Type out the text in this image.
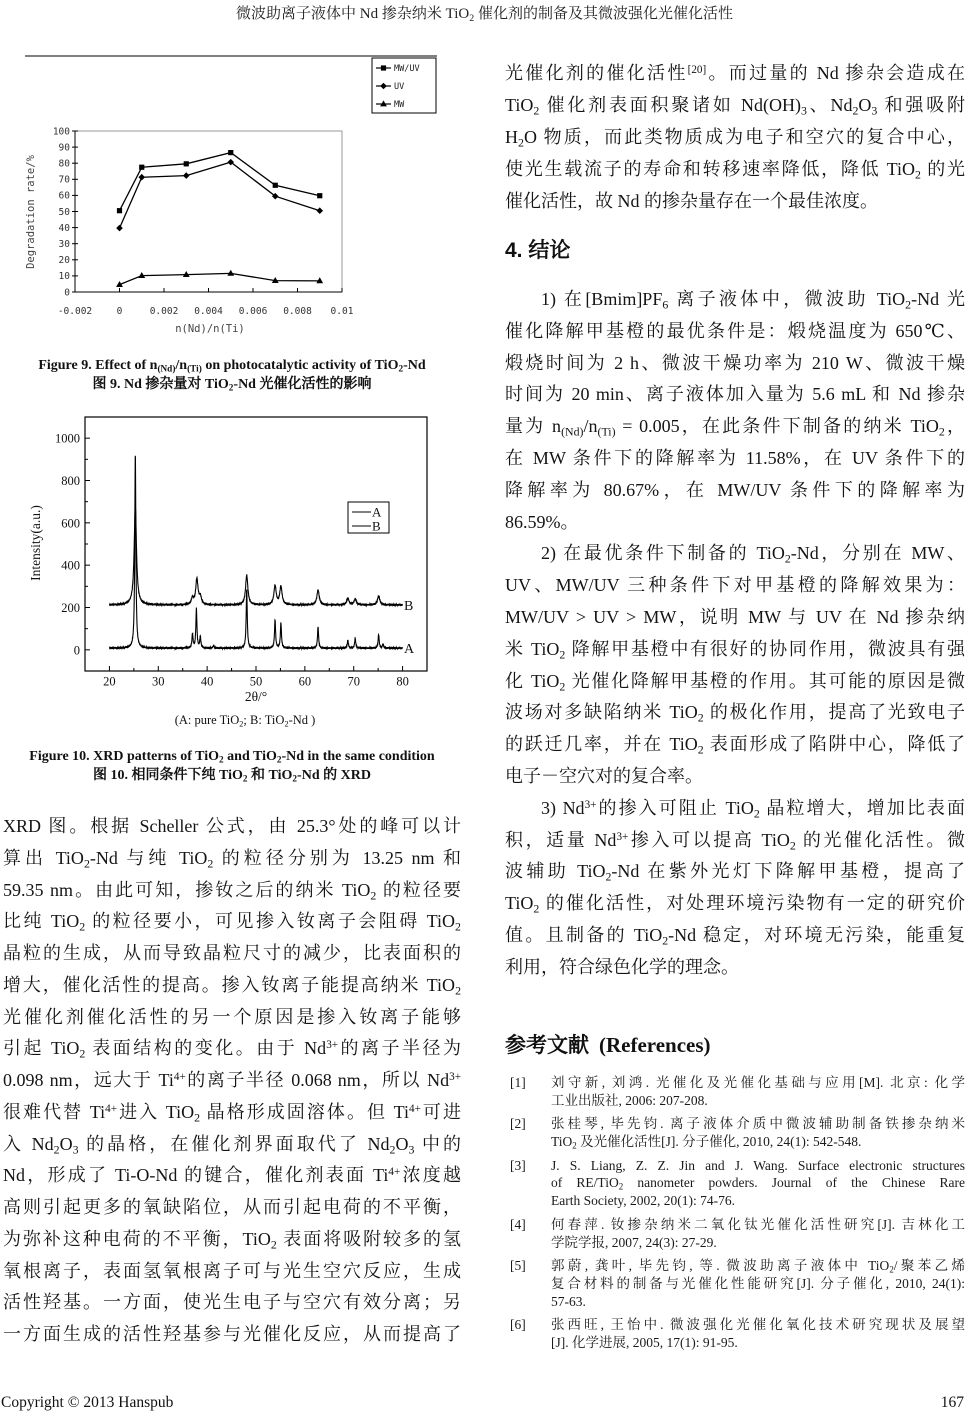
微波助离子液体中 Nd 掺杂纳米 TiO$_2$ 催化剂的制备及其微波强化光催化活性
0
10
20
30
40
50
60
70
80
90
100
-0.002	0	0.002 0.004 0.006 0.008 0.01
Degradation rate/%
n(Nd)/n(Ti)
MW/UV
UV
MW
Figure 9. Effect of $n_{(Nd)}/n_{(Ti)}$ on photocatalytic activity of TiO$_2$-Nd
图 9. Nd 掺杂量对 TiO$_2$-Nd 光催化活性的影响
A
B
0
200
400
600
800
1000
20	30	40	50	60	70	80
Intensity(a.u.)
2θ/°
A
B
(A: pure TiO$_2$; B: TiO$_2$-Nd )
Figure 10. XRD patterns of TiO$_2$ and TiO$_2$-Nd in the same condition
图 10. 相同条件下纯 TiO$_2$ 和 TiO$_2$-Nd 的 XRD
XRD 图。根据 Scheller 公式，由 25.3°处的峰可以计
算出 TiO$_2$-Nd 与纯 TiO$_2$ 的粒径分别为 13.25 nm 和
59.35 nm。由此可知，掺钕之后的纳米 TiO$_2$ 的粒径要
比纯 TiO$_2$ 的粒径要小，可见掺入钕离子会阻碍 TiO$_2$
晶粒的生成，从而导致晶粒尺寸的减少，比表面积的
增大，催化活性的提高。掺入钕离子能提高纳米 TiO$_2$
光催化剂催化活性的另一个原因是掺入钕离子能够
引起 TiO$_2$ 表面结构的变化。由于 $Nd^{3+}$的离子半径为
0.098 nm，远大于 $Ti^{4+}$的离子半径 0.068 nm，所以 $Nd^{3+}$
很难代替 $Ti^{4+}$进入 TiO$_2$ 晶格形成固溶体。但 $Ti^{4+}$可进
入 $Nd_2O_3$ 的晶格，在催化剂界面取代了 $Nd_2O_3$ 中的
Nd，形成了 Ti-O-Nd 的键合，催化剂表面 $Ti^{4+}$浓度越
高则引起更多的氧缺陷位，从而引起电荷的不平衡，
为弥补这种电荷的不平衡，TiO$_2$ 表面将吸附较多的氢
氧根离子，表面氢氧根离子可与光生空穴反应，生成
活性羟基。一方面，使光生电子与空穴有效分离；另
一方面生成的活性羟基参与光催化反应，从而提高了
光催化剂的催化活性[20]。而过量的 Nd 掺杂会造成在
TiO$_2$ 催化剂表面积聚诸如 $Nd(OH)_3$、$Nd_2O_3$ 和强吸附
$H_2O$ 物质，而此类物质成为电子和空穴的复合中心，
使光生载流子的寿命和转移速率降低，降低 TiO$_2$ 的光
催化活性，故 Nd 的掺杂量存在一个最佳浓度。
4. 结论
1) 在$[Bmim]PF_6$ 离子液体中，微波助 TiO$_2$-Nd 光
催化降解甲基橙的最优条件是：煅烧温度为 650℃、
煅烧时间为 2 h、微波干燥功率为 210 W、微波干燥
时间为 20 min、离子液体加入量为 5.6 mL 和 Nd 掺杂
量为 $n_{(Nd)}/n_{(Ti)} = 0.005$，在此条件下制备的纳米 TiO$_2$，
在 MW 条件下的降解率为 11.58%，在 UV 条件下的
降解率为 80.67%，在 MW/UV 条件下的降解率为
86.59%。
2) 在最优条件下制备的 TiO$_2$-Nd，分别在 MW、
UV、MW/UV 三种条件下对甲基橙的降解效果为：
MW/UV > UV > MW，说明 MW 与 UV 在 Nd 掺杂纳
米 TiO$_2$ 降解甲基橙中有很好的协同作用，微波具有强
化 TiO$_2$ 光催化降解甲基橙的作用。其可能的原因是微
波场对多缺陷纳米 TiO$_2$ 的极化作用，提高了光致电子
的跃迁几率，并在 TiO$_2$ 表面形成了陷阱中心，降低了
电子－空穴对的复合率。
3) $Nd^{3+}$的掺入可阻止 TiO$_2$ 晶粒增大，增加比表面
积，适量 $Nd^{3+}$掺入可以提高 TiO$_2$ 的光催化活性。微
波辅助 TiO$_2$-Nd 在紫外光灯下降解甲基橙，提高了
TiO$_2$ 的催化活性，对处理环境污染物有一定的研究价
值。且制备的 TiO$_2$-Nd 稳定，对环境无污染，能重复
利用，符合绿色化学的理念。
参考文献 (References)
[1] 刘守新, 刘鸿. 光催化及光催化基础与应用[M]. 北京: 化学
工业出版社, 2006: 207-208.
[2] 张桂琴, 毕先钧. 离子液体介质中微波辅助制备铁掺杂纳米
TiO$_2$ 及光催化活性[J]. 分子催化, 2010, 24(1): 542-548.
[3] J. S. Liang, Z. Z. Jin and J. Wang. Surface electronic structures
of RE/TiO$_2$ nanometer powders. Journal of the Chinese Rare
Earth Society, 2002, 20(1): 74-76.
[4] 何春萍. 钕掺杂纳米二氧化钛光催化活性研究[J]. 吉林化工
学院学报, 2007, 24(3): 27-29.
[5] 郭蔚, 龚叶, 毕先钧, 等. 微波助离子液体中 TiO$_2$/聚苯乙烯
复合材料的制备与光催化性能研究[J]. 分子催化, 2010, 24(1):
57-63.
[6] 张西旺, 王怡中. 微波强化光催化氧化技术研究现状及展望
[J]. 化学进展, 2005, 17(1): 91-95.
Copyright © 2013 Hanspub	167
